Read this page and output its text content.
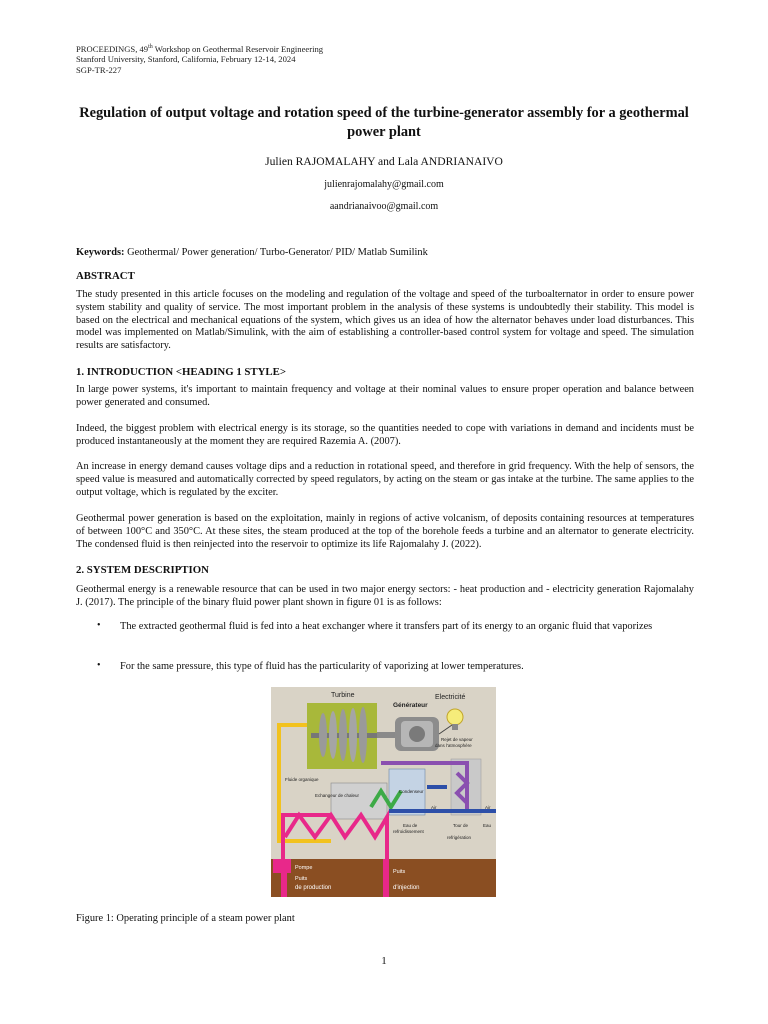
PROCEEDINGS, 49th Workshop on Geothermal Reservoir Engineering
Stanford University, Stanford, California, February 12-14, 2024
SGP-TR-227
Regulation of output voltage and rotation speed of the turbine-generator assembly for a geothermal power plant
Julien RAJOMALAHY and Lala ANDRIANAIVO
julienrajomalahy@gmail.com
aandrianaivoo@gmail.com

Keywords: Geothermal/ Power generation/ Turbo-Generator/ PID/ Matlab Sumilink

ABSTRACT

The study presented in this article focuses on the modeling and regulation of the voltage and speed of the turboalternator in order to ensure power system stability and quality of service. The most important problem in the analysis of these systems is undoubtedly their stability. This model is based on the electrical and mechanical equations of the system, which gives us an idea of how the alternator behaves under load disturbances. This model was implemented on Matlab/Simulink, with the aim of establishing a controller-based control system for voltage and speed. The simulation results are satisfactory.

1. INTRODUCTION <HEADING 1 STYLE>

In large power systems, it's important to maintain frequency and voltage at their nominal values to ensure proper operation and balance between power generated and consumed.

Indeed, the biggest problem with electrical energy is its storage, so the quantities needed to cope with variations in demand and incidents must be produced instantaneously at the moment they are required Razemia A. (2007).

An increase in energy demand causes voltage dips and a reduction in rotational speed, and therefore in grid frequency. With the help of sensors, the speed value is measured and automatically corrected by speed regulators, by acting on the steam or gas intake at the turbine. The same applies to the output voltage, which is regulated by the exciter.

Geothermal power generation is based on the exploitation, mainly in regions of active volcanism, of deposits containing resources at temperatures of between 100°C and 350°C. At these sites, the steam produced at the top of the borehole feeds a turbine and an alternator to generate electricity. The condensed fluid is then reinjected into the reservoir to optimize its life Rajomalahy J. (2022).

2. SYSTEM DESCRIPTION

Geothermal energy is a renewable resource that can be used in two major energy sectors: - heat production and - electricity generation Rajomalahy J. (2017). The principle of the binary fluid power plant shown in figure 01 is as follows:

• The extracted geothermal fluid is fed into a heat exchanger where it transfers part of its energy to an organic fluid that vaporizes

• For the same pressure, this type of fluid has the particularity of vaporizing at lower temperatures.

Turbine
Générateur
Electricité
Rejet de vapeur
dans l'atmosphère
Fluide organique
Echangeur de chaleur
Condenseur
Air	Air
Eau de
refroidissement
Tour de
refrigération
Eau
Pompe
Puits
de production
Puits
d'injection
Figure 1: Operating principle of a steam power plant
1
